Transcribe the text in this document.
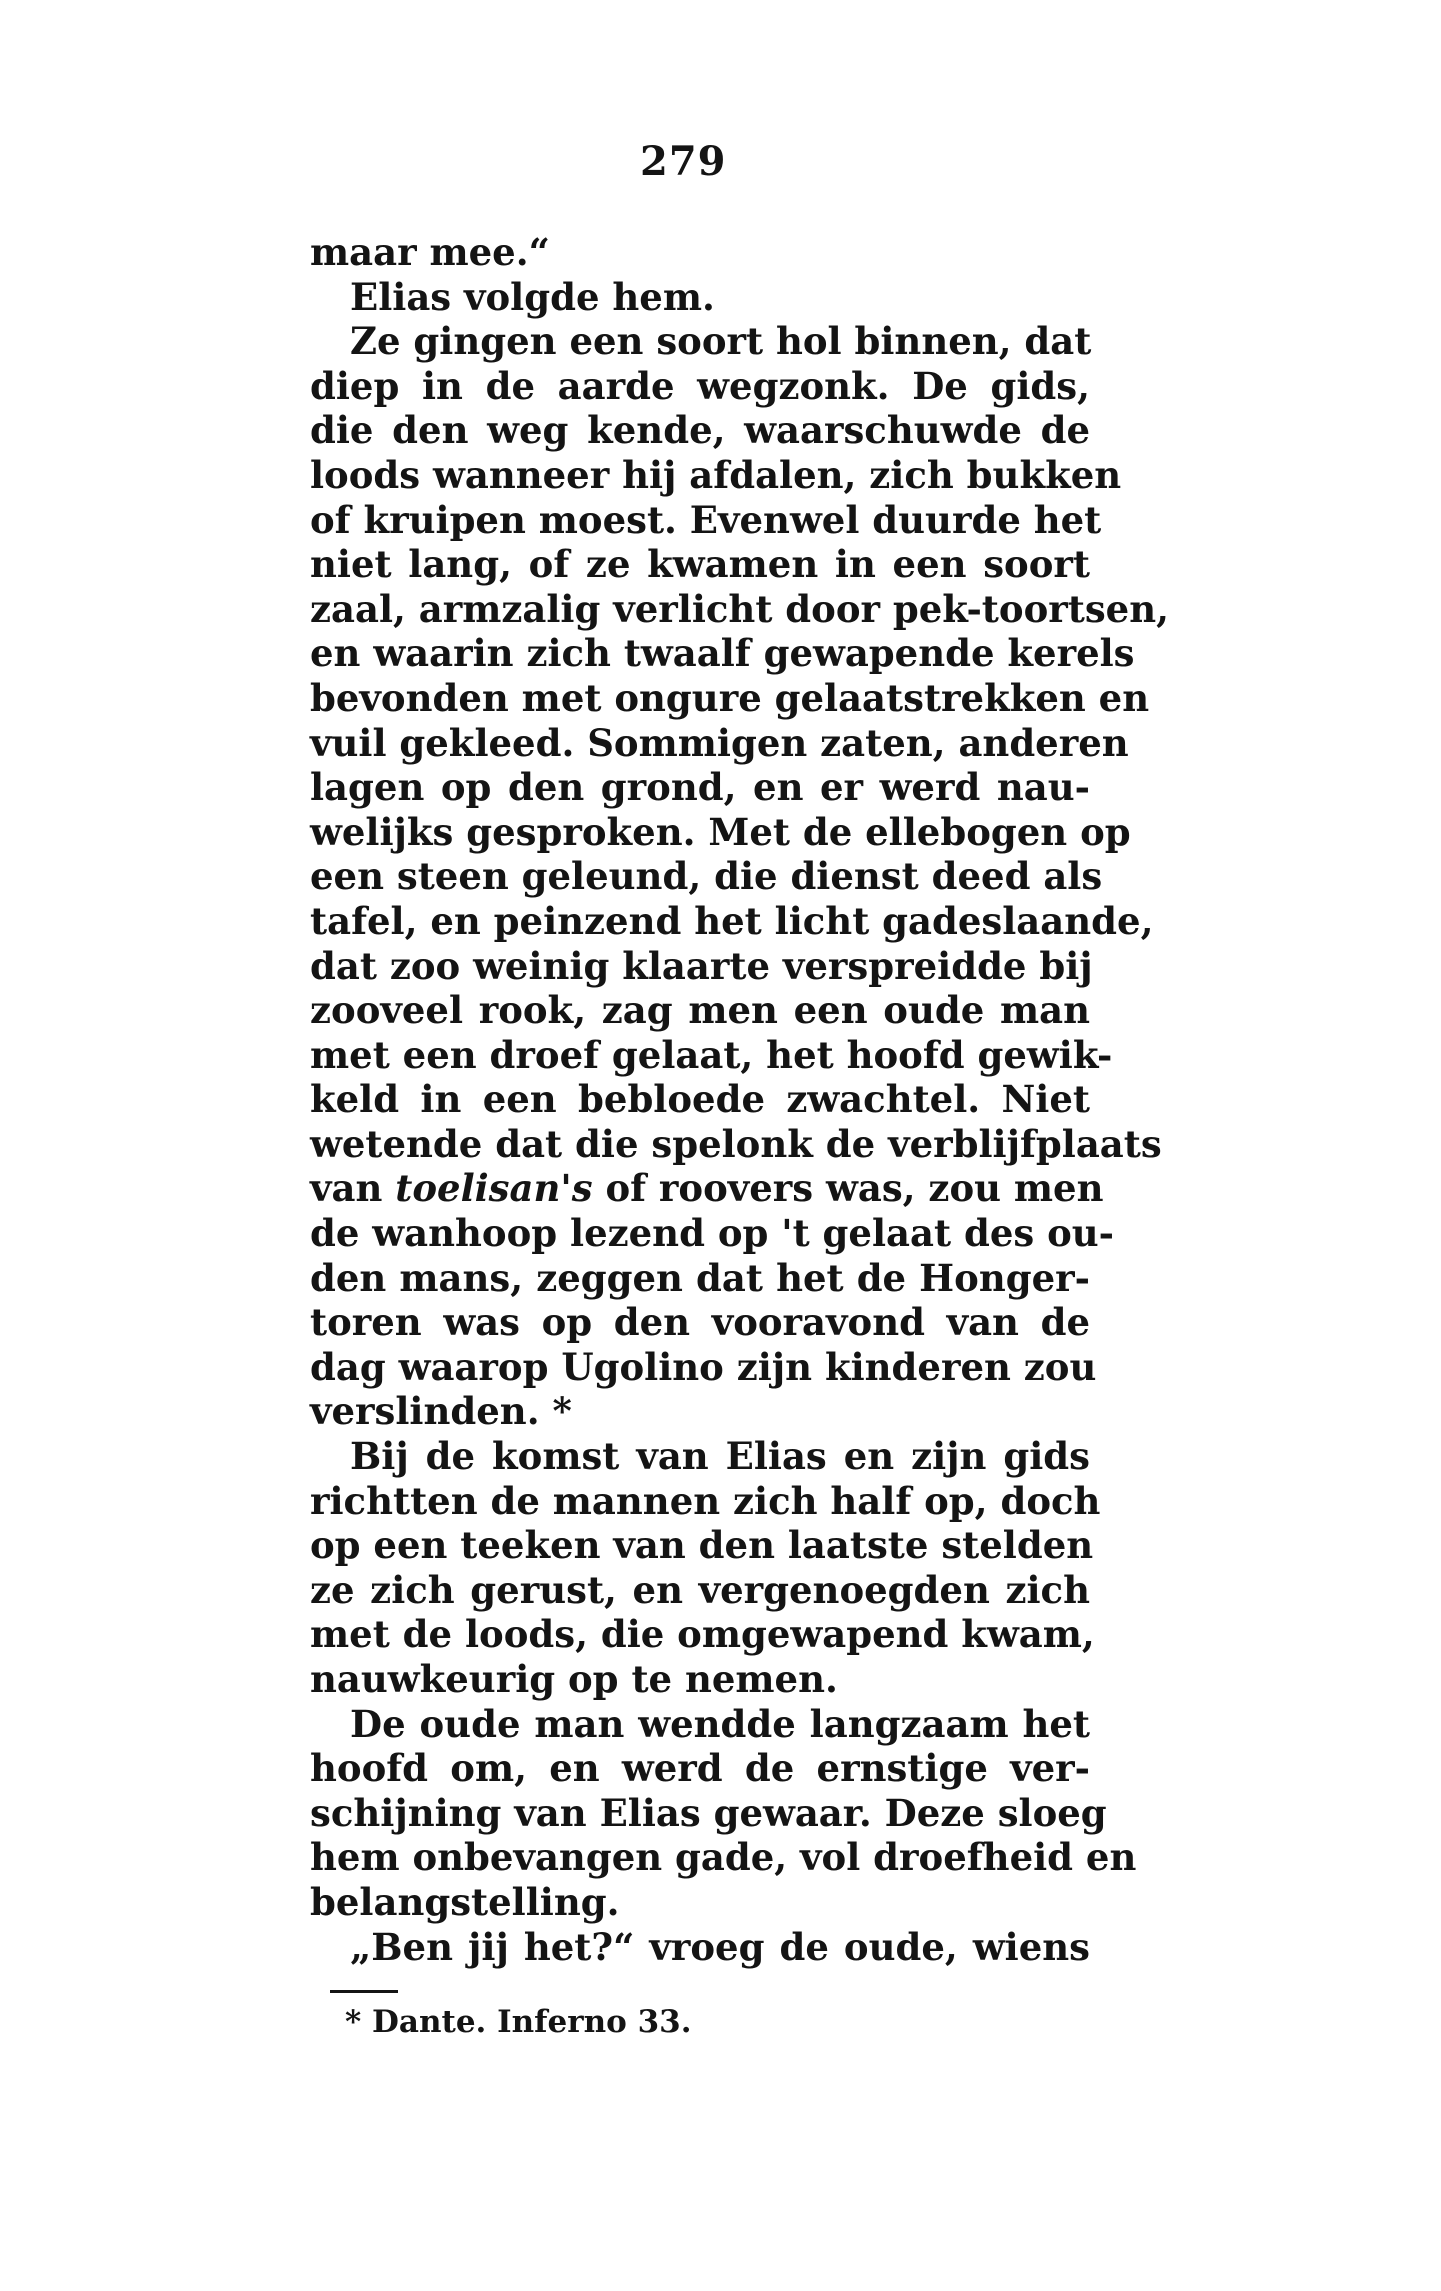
279
maar mee.“
Elias volgde hem.
Ze gingen een soort hol binnen, dat
diep in de aarde wegzonk. De gids,
die den weg kende, waarschuwde de
loods wanneer hij afdalen, zich bukken
of kruipen moest. Evenwel duurde het
niet lang, of ze kwamen in een soort
zaal, armzalig verlicht door pek-toortsen,
en waarin zich twaalf gewapende kerels
bevonden met ongure gelaatstrekken en
vuil gekleed. Sommigen zaten, anderen
lagen op den grond, en er werd nau-
welijks gesproken. Met de ellebogen op
een steen geleund, die dienst deed als
tafel, en peinzend het licht gadeslaande,
dat zoo weinig klaarte verspreidde bij
zooveel rook, zag men een oude man
met een droef gelaat, het hoofd gewik-
keld in een bebloede zwachtel. Niet
wetende dat die spelonk de verblijfplaats
van toelisan's of roovers was, zou men
de wanhoop lezend op 't gelaat des ou-
den mans, zeggen dat het de Honger-
toren was op den vooravond van de
dag waarop Ugolino zijn kinderen zou
verslinden. *
Bij de komst van Elias en zijn gids
richtten de mannen zich half op, doch
op een teeken van den laatste stelden
ze zich gerust, en vergenoegden zich
met de loods, die omgewapend kwam,
nauwkeurig op te nemen.
De oude man wendde langzaam het
hoofd om, en werd de ernstige ver-
schijning van Elias gewaar. Deze sloeg
hem onbevangen gade, vol droefheid en
belangstelling.
„Ben jij het?“ vroeg de oude, wiens
* Dante. Inferno 33.
